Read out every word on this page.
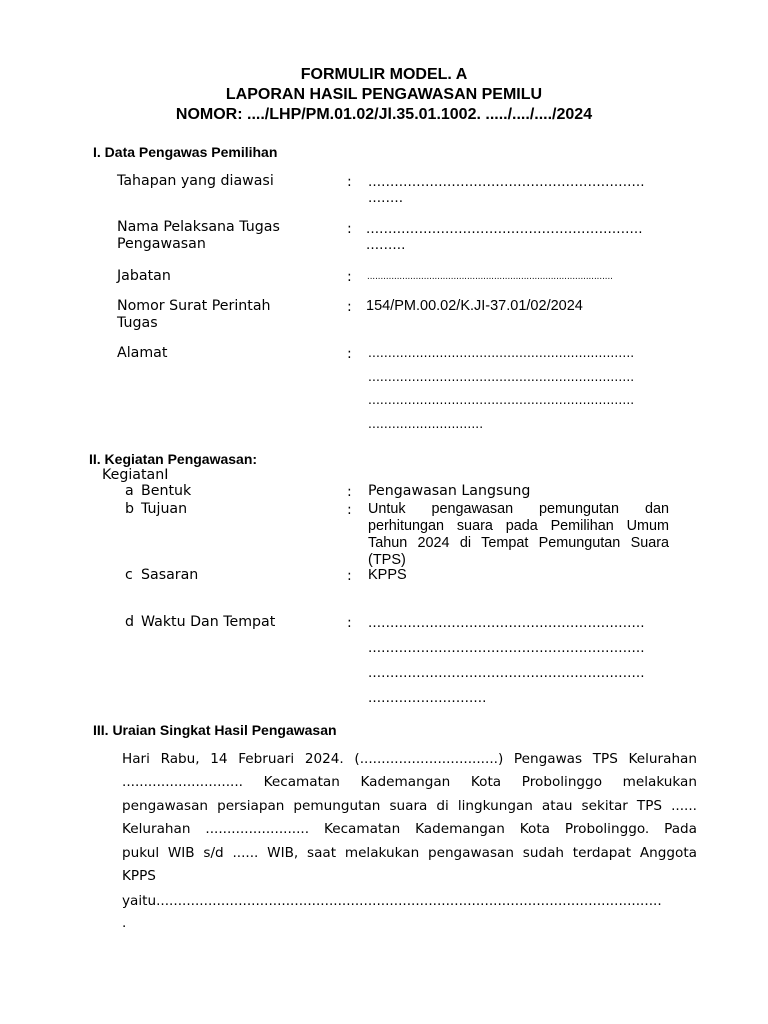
FORMULIR MODEL. A
LAPORAN HASIL PENGAWASAN PEMILU
NOMOR: ..../LHP/PM.01.02/Jl.35.01.1002. ...../..../..../2024
I. Data Pengawas Pemilihan
Tahapan yang diawasi	: ...............................................................
........
Nama Pelaksana Tugas
Pengawasan
: ...............................................................
.........
Jabatan	: ...........................................................................................
Nomor Surat Perintah
Tugas
: 154/PM.00.02/K.JI-37.01/02/2024
Alamat	: ...................................................................
...................................................................
...................................................................
.............................
II. Kegiatan Pengawasan:
KegiatanI
a Bentuk	: Pengawasan Langsung
b Tujuan	: Untuk pengawasan pemungutan dan
perhitungan suara pada Pemilihan Umum
Tahun 2024 di Tempat Pemungutan Suara
(TPS)
c Sasaran	: KPPS
d Waktu Dan Tempat	: ...............................................................
...............................................................
...............................................................
...........................
III. Uraian Singkat Hasil Pengawasan
Hari Rabu, 14 Februari 2024. (................................) Pengawas TPS Kelurahan
............................ Kecamatan Kademangan Kota Probolinggo melakukan
pengawasan persiapan pemungutan suara di lingkungan atau sekitar TPS ......
Kelurahan ........................ Kecamatan Kademangan Kota Probolinggo. Pada
pukul WIB s/d ...... WIB, saat melakukan pengawasan sudah terdapat Anggota
KPPS
yaitu.....................................................................................................................
.
